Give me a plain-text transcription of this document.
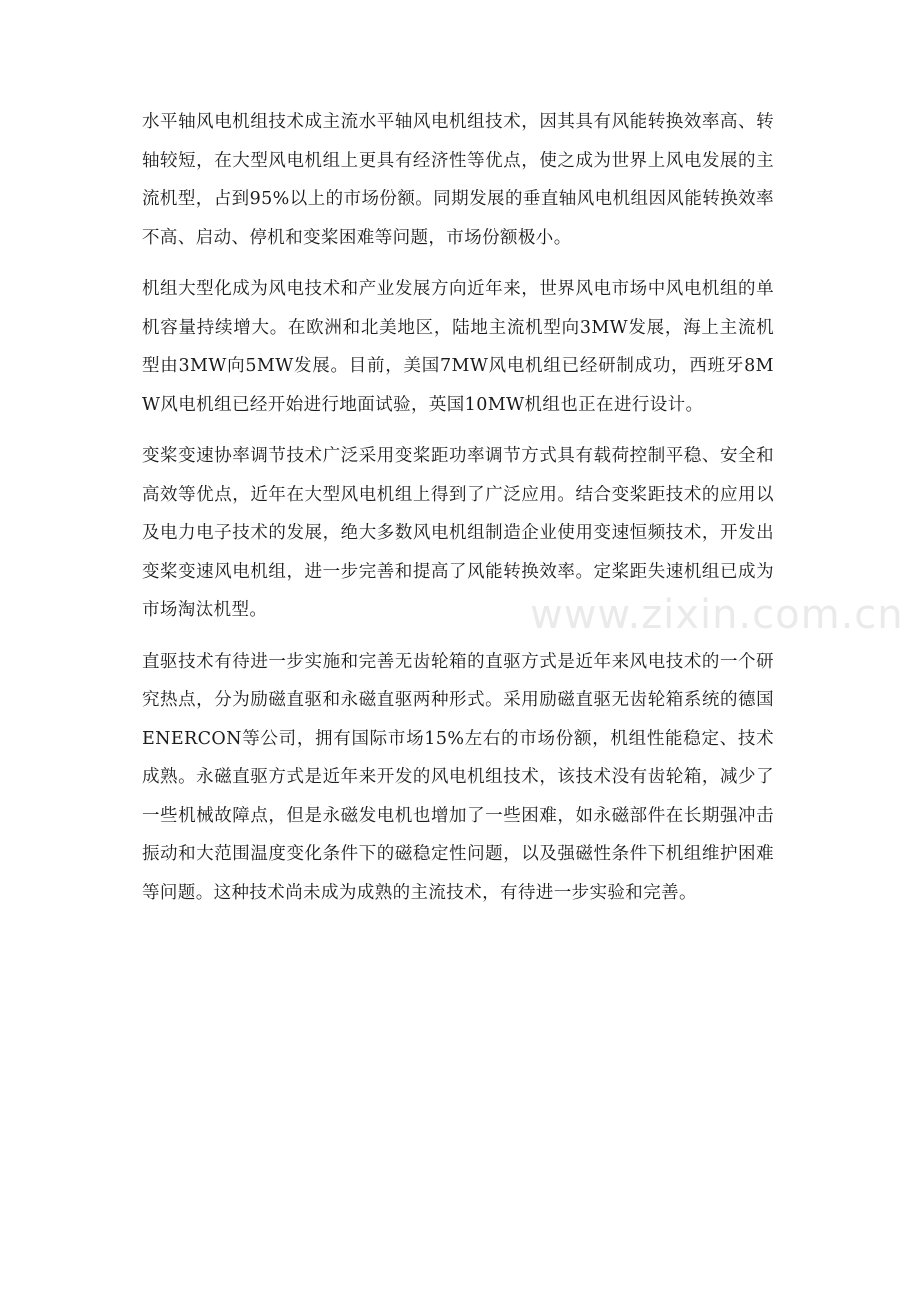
水平轴风电机组技术成主流水平轴风电机组技术，因其具有风能转换效率高、转轴较短，在大型风电机组上更具有经济性等优点，使之成为世界上风电发展的主流机型，占到95%以上的市场份额。同期发展的垂直轴风电机组因风能转换效率不高、启动、停机和变桨困难等问题，市场份额极小。

机组大型化成为风电技术和产业发展方向近年来，世界风电市场中风电机组的单机容量持续增大。在欧洲和北美地区，陆地主流机型向3MW发展，海上主流机型由3MW向5MW发展。目前，美国7MW风电机组已经研制成功，西班牙8MW风电机组已经开始进行地面试验，英国10MW机组也正在进行设计。

变桨变速协率调节技术广泛采用变桨距功率调节方式具有载荷控制平稳、安全和高效等优点，近年在大型风电机组上得到了广泛应用。结合变桨距技术的应用以及电力电子技术的发展，绝大多数风电机组制造企业使用变速恒频技术，开发出变桨变速风电机组，进一步完善和提高了风能转换效率。定桨距失速机组已成为市场淘汰机型。

直驱技术有待进一步实施和完善无齿轮箱的直驱方式是近年来风电技术的一个研究热点，分为励磁直驱和永磁直驱两种形式。采用励磁直驱无齿轮箱系统的德国ENERCON等公司，拥有国际市场15%左右的市场份额，机组性能稳定、技术成熟。永磁直驱方式是近年来开发的风电机组技术，该技术没有齿轮箱，减少了一些机械故障点，但是永磁发电机也增加了一些困难，如永磁部件在长期强冲击振动和大范围温度变化条件下的磁稳定性问题，以及强磁性条件下机组维护困难等问题。这种技术尚未成为成熟的主流技术，有待进一步实验和完善。

www.zixin.com.cn
